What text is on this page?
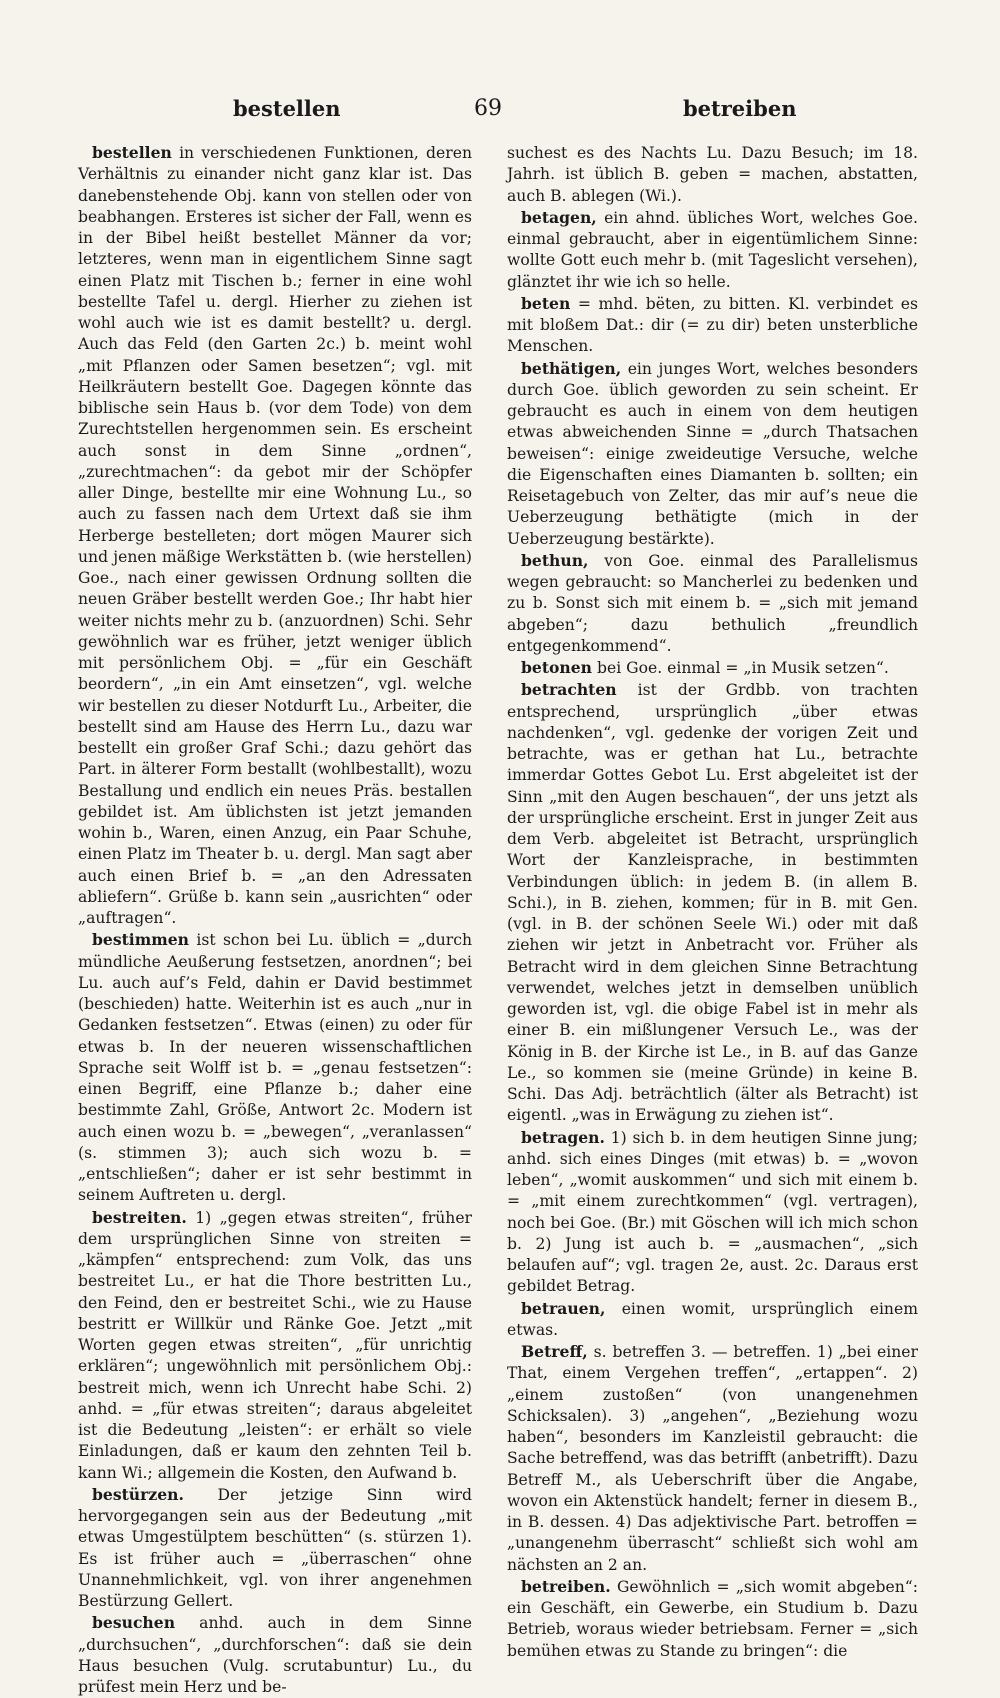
bestellen	69	betreiben

bestellen in verschiedenen Funktionen, deren Verhältnis zu einander nicht ganz klar ist. Das danebenstehende Obj. kann von stellen oder von beabhangen. Ersteres ist sicher der Fall, wenn es in der Bibel heißt bestellet Männer da vor; letzteres, wenn man in eigentlichem Sinne sagt einen Platz mit Tischen b.; ferner in eine wohl bestellte Tafel u. dergl. Hierher zu ziehen ist wohl auch wie ist es damit bestellt? u. dergl. Auch das Feld (den Garten 2c.) b. meint wohl „mit Pflanzen oder Samen besetzen“; vgl. mit Heilkräutern bestellt Goe. Dagegen könnte das biblische sein Haus b. (vor dem Tode) von dem Zurechtstellen hergenommen sein. Es erscheint auch sonst in dem Sinne „ordnen“, „zurechtmachen“: da gebot mir der Schöpfer aller Dinge, bestellte mir eine Wohnung Lu., so auch zu fassen nach dem Urtext daß sie ihm Herberge bestelleten; dort mögen Maurer sich und jenen mäßige Werkstätten b. (wie herstellen) Goe., nach einer gewissen Ordnung sollten die neuen Gräber bestellt werden Goe.; Ihr habt hier weiter nichts mehr zu b. (anzuordnen) Schi. Sehr gewöhnlich war es früher, jetzt weniger üblich mit persönlichem Obj. = „für ein Geschäft beordern“, „in ein Amt einsetzen“, vgl. welche wir bestellen zu dieser Notdurft Lu., Arbeiter, die bestellt sind am Hause des Herrn Lu., dazu war bestellt ein großer Graf Schi.; dazu gehört das Part. in älterer Form bestallt (wohlbestallt), wozu Bestallung und endlich ein neues Präs. bestallen gebildet ist. Am üblichsten ist jetzt jemanden wohin b., Waren, einen Anzug, ein Paar Schuhe, einen Platz im Theater b. u. dergl. Man sagt aber auch einen Brief b. = „an den Adressaten abliefern“. Grüße b. kann sein „ausrichten“ oder „auftragen“.

bestimmen ist schon bei Lu. üblich = „durch mündliche Aeußerung festsetzen, anordnen“; bei Lu. auch auf’s Feld, dahin er David bestimmet (beschieden) hatte. Weiterhin ist es auch „nur in Gedanken festsetzen“. Etwas (einen) zu oder für etwas b. In der neueren wissenschaftlichen Sprache seit Wolff ist b. = „genau festsetzen“: einen Begriff, eine Pflanze b.; daher eine bestimmte Zahl, Größe, Antwort 2c. Modern ist auch einen wozu b. = „bewegen“, „veranlassen“ (s. stimmen 3); auch sich wozu b. = „entschließen“; daher er ist sehr bestimmt in seinem Auftreten u. dergl.

bestreiten. 1) „gegen etwas streiten“, früher dem ursprünglichen Sinne von streiten = „kämpfen“ entsprechend: zum Volk, das uns bestreitet Lu., er hat die Thore bestritten Lu., den Feind, den er bestreitet Schi., wie zu Hause bestritt er Willkür und Ränke Goe. Jetzt „mit Worten gegen etwas streiten“, „für unrichtig erklären“; ungewöhnlich mit persönlichem Obj.: bestreit mich, wenn ich Unrecht habe Schi. 2) anhd. = „für etwas streiten“; daraus abgeleitet ist die Bedeutung „leisten“: er erhält so viele Einladungen, daß er kaum den zehnten Teil b. kann Wi.; allgemein die Kosten, den Aufwand b.

bestürzen. Der jetzige Sinn wird hervorgegangen sein aus der Bedeutung „mit etwas Umgestülptem beschütten“ (s. stürzen 1). Es ist früher auch = „überraschen“ ohne Unannehmlichkeit, vgl. von ihrer angenehmen Bestürzung Gellert.

besuchen anhd. auch in dem Sinne „durchsuchen“, „durchforschen“: daß sie dein Haus besuchen (Vulg. scrutabuntur) Lu., du prüfest mein Herz und be-

suchest es des Nachts Lu. Dazu Besuch; im 18. Jahrh. ist üblich B. geben = machen, abstatten, auch B. ablegen (Wi.).

betagen, ein ahnd. übliches Wort, welches Goe. einmal gebraucht, aber in eigentümlichem Sinne: wollte Gott euch mehr b. (mit Tageslicht versehen), glänztet ihr wie ich so helle.

beten = mhd. bëten, zu bitten. Kl. verbindet es mit bloßem Dat.: dir (= zu dir) beten unsterbliche Menschen.

bethätigen, ein junges Wort, welches besonders durch Goe. üblich geworden zu sein scheint. Er gebraucht es auch in einem von dem heutigen etwas abweichenden Sinne = „durch Thatsachen beweisen“: einige zweideutige Versuche, welche die Eigenschaften eines Diamanten b. sollten; ein Reisetagebuch von Zelter, das mir auf’s neue die Ueberzeugung bethätigte (mich in der Ueberzeugung bestärkte).

bethun, von Goe. einmal des Parallelismus wegen gebraucht: so Mancherlei zu bedenken und zu b. Sonst sich mit einem b. = „sich mit jemand abgeben“; dazu bethulich „freundlich entgegenkommend“.

betonen bei Goe. einmal = „in Musik setzen“.

betrachten ist der Grdbb. von trachten entsprechend, ursprünglich „über etwas nachdenken“, vgl. gedenke der vorigen Zeit und betrachte, was er gethan hat Lu., betrachte immerdar Gottes Gebot Lu. Erst abgeleitet ist der Sinn „mit den Augen beschauen“, der uns jetzt als der ursprüngliche erscheint. Erst in junger Zeit aus dem Verb. abgeleitet ist Betracht, ursprünglich Wort der Kanzleisprache, in bestimmten Verbindungen üblich: in jedem B. (in allem B. Schi.), in B. ziehen, kommen; für in B. mit Gen. (vgl. in B. der schönen Seele Wi.) oder mit daß ziehen wir jetzt in Anbetracht vor. Früher als Betracht wird in dem gleichen Sinne Betrachtung verwendet, welches jetzt in demselben unüblich geworden ist, vgl. die obige Fabel ist in mehr als einer B. ein mißlungener Versuch Le., was der König in B. der Kirche ist Le., in B. auf das Ganze Le., so kommen sie (meine Gründe) in keine B. Schi. Das Adj. beträchtlich (älter als Betracht) ist eigentl. „was in Erwägung zu ziehen ist“.

betragen. 1) sich b. in dem heutigen Sinne jung; anhd. sich eines Dinges (mit etwas) b. = „wovon leben“, „womit auskommen“ und sich mit einem b. = „mit einem zurechtkommen“ (vgl. vertragen), noch bei Goe. (Br.) mit Göschen will ich mich schon b. 2) Jung ist auch b. = „ausmachen“, „sich belaufen auf“; vgl. tragen 2e, aust. 2c. Daraus erst gebildet Betrag.

betrauen, einen womit, ursprünglich einem etwas.

Betreff, s. betreffen 3. — betreffen. 1) „bei einer That, einem Vergehen treffen“, „ertappen“. 2) „einem zustoßen“ (von unangenehmen Schicksalen). 3) „angehen“, „Beziehung wozu haben“, besonders im Kanzleistil gebraucht: die Sache betreffend, was das betrifft (anbetrifft). Dazu Betreff M., als Ueberschrift über die Angabe, wovon ein Aktenstück handelt; ferner in diesem B., in B. dessen. 4) Das adjektivische Part. betroffen = „unangenehm überrascht“ schließt sich wohl am nächsten an 2 an.

betreiben. Gewöhnlich = „sich womit abgeben“: ein Geschäft, ein Gewerbe, ein Studium b. Dazu Betrieb, woraus wieder betriebsam. Ferner = „sich bemühen etwas zu Stande zu bringen“: die
